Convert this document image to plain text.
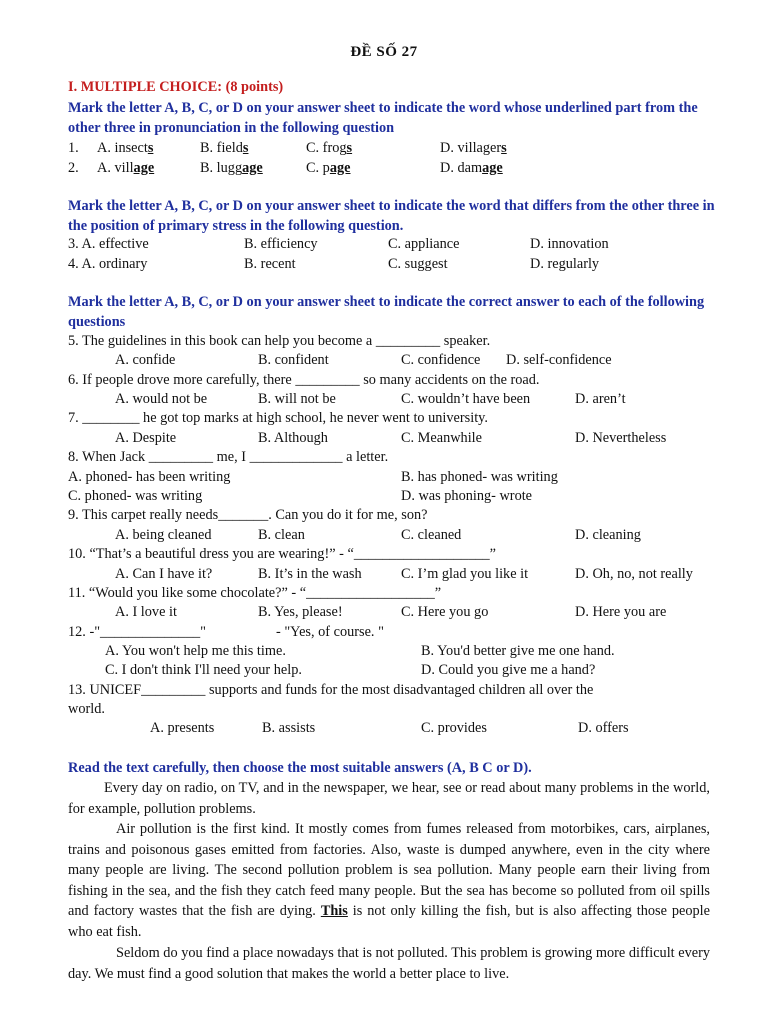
ĐỀ SỐ 27
I. MULTIPLE CHOICE: (8 points)
Mark the letter A, B, C, or D on your answer sheet to indicate the word whose underlined part from the other three in pronunciation in the following question
1. A. insects	B. fields	C. frogs	D. villagers
2. A. village	B. luggage	C. page	D. damage
Mark the letter A, B, C, or D on your answer sheet to indicate the word that differs from the other three in the position of primary stress in the following question.
3. A. effective	B. efficiency	C. appliance	D. innovation
4. A. ordinary	B. recent	C. suggest	D. regularly
Mark the letter A, B, C, or D on your answer sheet to indicate the correct answer to each of the following questions
5. The guidelines in this book can help you become a _________ speaker.
A. confide	B. confident	C. confidence D. self-confidence
6. If people drove more carefully, there _________ so many accidents on the road.
A. would not be	B. will not be	C. wouldn’t have been	D. aren’t
7. ________ he got top marks at high school, he never went to university.
A. Despite	B. Although	C. Meanwhile	D. Nevertheless
8. When Jack _________ me, I _____________ a letter.
A. phoned- has been writing	B. has phoned- was writing
C. phoned- was writing	D. was phoning- wrote
9. This carpet really needs_______. Can you do it for me, son?
A. being cleaned	B. clean	C. cleaned	D. cleaning
10. “That’s a beautiful dress you are wearing!” - “___________________”
A. Can I have it?	B. It’s in the wash	C. I’m glad you like it	D. Oh, no, not really
11. “Would you like some chocolate?” - “__________________”
A. I love it	B. Yes, please!	C. Here you go	D. Here you are
12. -"______________"	- "Yes, of course. "
A. You won't help me this time.	B. You'd better give me one hand.
C. I don't think I'll need your help.	D. Could you give me a hand?
13. UNICEF_________ supports and funds for the most disadvantaged children all over the
world.
A. presents	B. assists	C. provides	D. offers
Read the text carefully, then choose the most suitable answers (A, B C or D).
Every day on radio, on TV, and in the newspaper, we hear, see or read about many problems in the world, for example, pollution problems.
Air pollution is the first kind. It mostly comes from fumes released from motorbikes, cars, airplanes, trains and poisonous gases emitted from factories. Also, waste is dumped anywhere, even in the city where many people are living. The second pollution problem is sea pollution. Many people earn their living from fishing in the sea, and the fish they catch feed many people. But the sea has become so polluted from oil spills and factory wastes that the fish are dying. This is not only killing the fish, but is also affecting those people who eat fish.
Seldom do you find a place nowadays that is not polluted. This problem is growing more difficult every day. We must find a good solution that makes the world a better place to live.
